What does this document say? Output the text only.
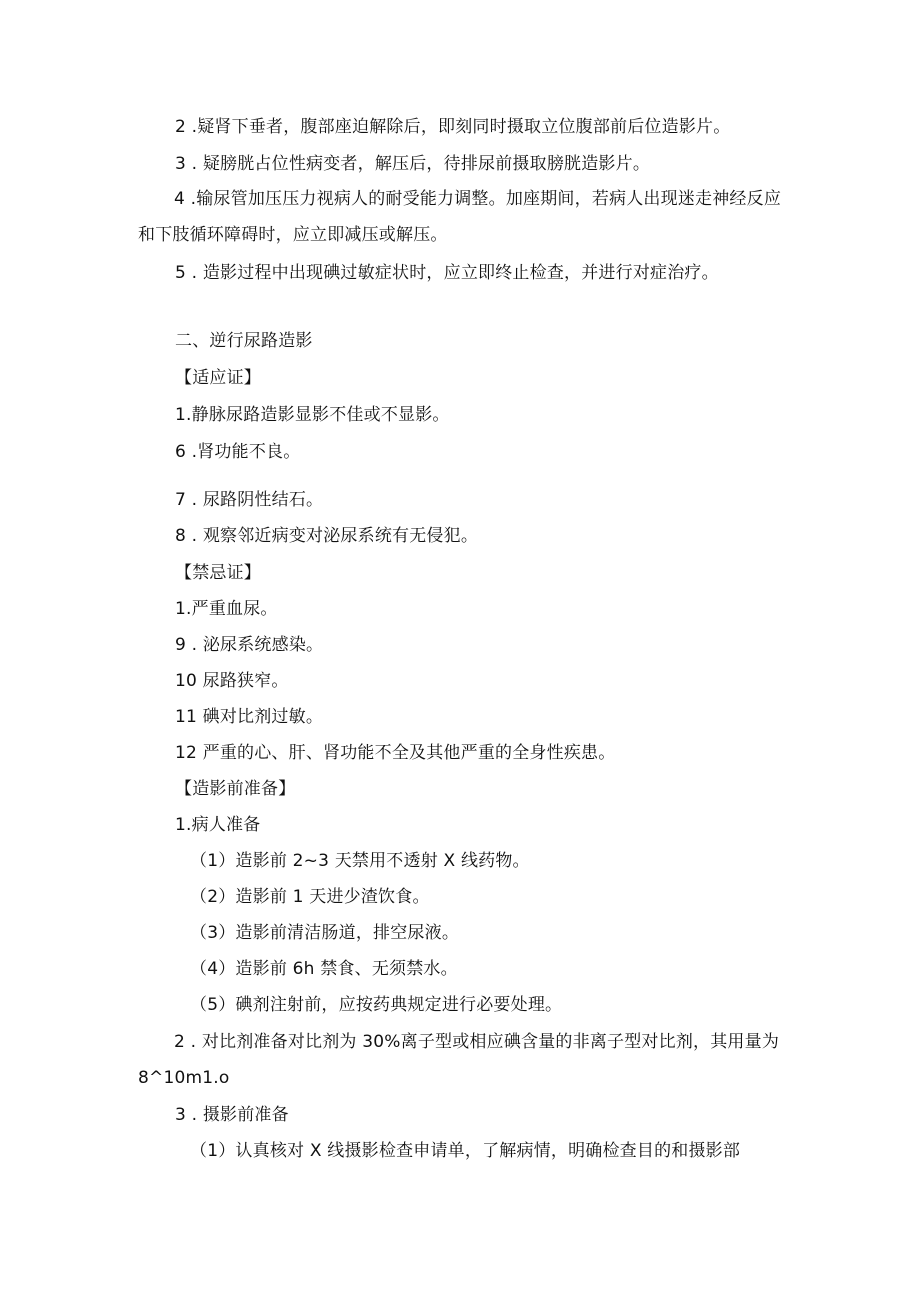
2 .疑肾下垂者，腹部座迫解除后，即刻同时摄取立位腹部前后位造影片。
3 . 疑膀胱占位性病变者，解压后，待排尿前摄取膀胱造影片。
4 .输尿管加压压力视病人的耐受能力调整。加座期间，若病人出现迷走神经反应和下肢循环障碍时，应立即减压或解压。
5 . 造影过程中出现碘过敏症状时，应立即终止检查，并进行对症治疗。
二、逆行尿路造影
【适应证】
1.静脉尿路造影显影不佳或不显影。
6 .肾功能不良。
7 . 尿路阴性结石。
8 . 观察邻近病变对泌尿系统有无侵犯。
【禁忌证】
1.严重血尿。
9 . 泌尿系统感染。
10 尿路狭窄。
11 碘对比剂过敏。
12 严重的心、肝、肾功能不全及其他严重的全身性疾患。
【造影前准备】
1.病人准备
（1）造影前 2~3 天禁用不透射 X 线药物。
（2）造影前 1 天进少渣饮食。
（3）造影前清洁肠道，排空尿液。
（4）造影前 6h 禁食、无须禁水。
（5）碘剂注射前，应按药典规定进行必要处理。
2 . 对比剂准备对比剂为 30%离子型或相应碘含量的非离子型对比剂，其用量为 8^10m1.o
3 . 摄影前准备
（1）认真核对 X 线摄影检查申请单，了解病情，明确检查目的和摄影部
